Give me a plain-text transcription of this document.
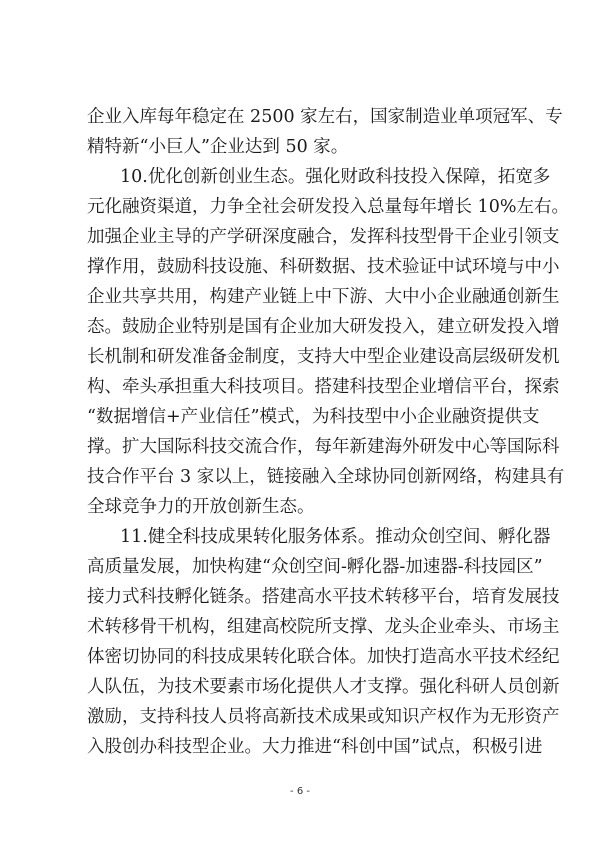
企业入库每年稳定在 2500 家左右，国家制造业单项冠军、专

精特新“小巨人”企业达到 50 家。

10.优化创新创业生态。强化财政科技投入保障，拓宽多

元化融资渠道，力争全社会研发投入总量每年增长 10%左右。

加强企业主导的产学研深度融合，发挥科技型骨干企业引领支

撑作用，鼓励科技设施、科研数据、技术验证中试环境与中小

企业共享共用，构建产业链上中下游、大中小企业融通创新生

态。鼓励企业特别是国有企业加大研发投入，建立研发投入增

长机制和研发准备金制度，支持大中型企业建设高层级研发机

构、牵头承担重大科技项目。搭建科技型企业增信平台，探索

“数据增信+产业信任”模式，为科技型中小企业融资提供支

撑。扩大国际科技交流合作，每年新建海外研发中心等国际科

技合作平台 3 家以上，链接融入全球协同创新网络，构建具有

全球竞争力的开放创新生态。

11.健全科技成果转化服务体系。推动众创空间、孵化器

高质量发展，加快构建“众创空间-孵化器-加速器-科技园区”

接力式科技孵化链条。搭建高水平技术转移平台，培育发展技

术转移骨干机构，组建高校院所支撑、龙头企业牵头、市场主

体密切协同的科技成果转化联合体。加快打造高水平技术经纪

人队伍，为技术要素市场化提供人才支撑。强化科研人员创新

激励，支持科技人员将高新技术成果或知识产权作为无形资产

入股创办科技型企业。大力推进“科创中国”试点，积极引进

- 6 -
